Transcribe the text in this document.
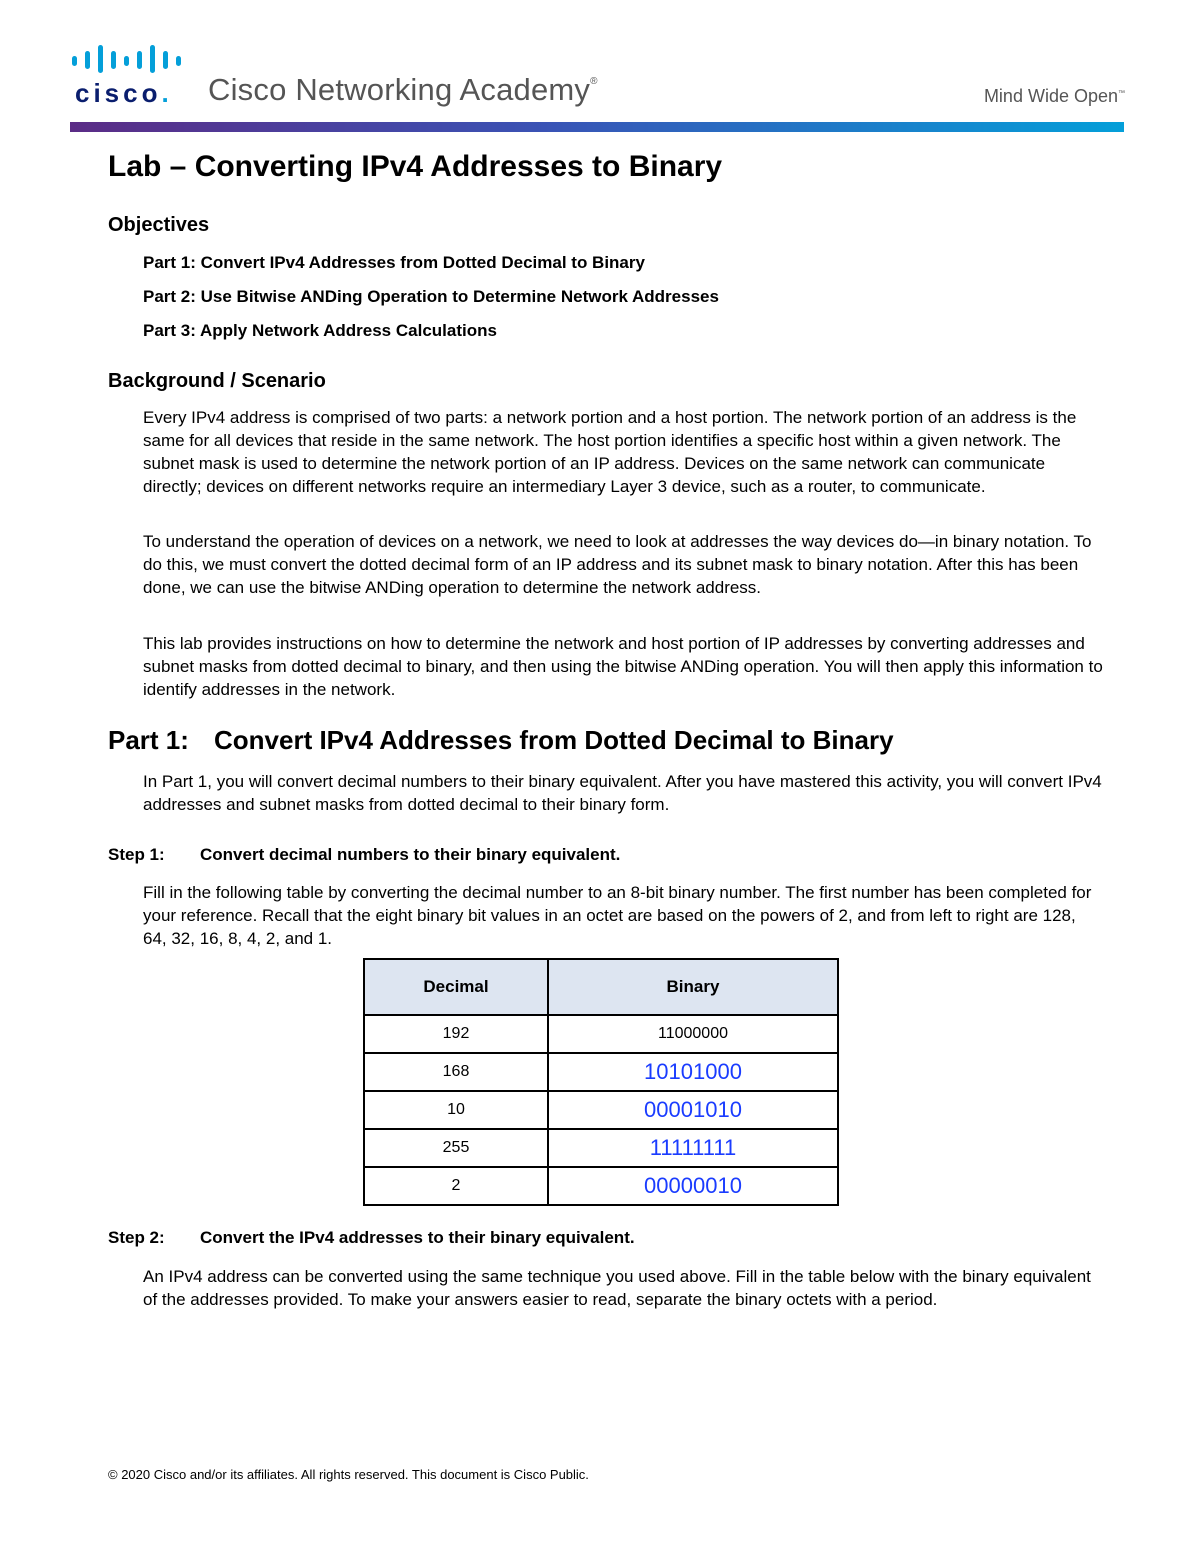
cisco. Cisco Networking Academy®
Mind Wide Open™
Lab – Converting IPv4 Addresses to Binary
Objectives

Part 1: Convert IPv4 Addresses from Dotted Decimal to Binary

Part 2: Use Bitwise ANDing Operation to Determine Network Addresses

Part 3: Apply Network Address Calculations

Background / Scenario

Every IPv4 address is comprised of two parts: a network portion and a host portion. The network portion of an address is the same for all devices that reside in the same network. The host portion identifies a specific host within a given network. The subnet mask is used to determine the network portion of an IP address. Devices on the same network can communicate directly; devices on different networks require an intermediary Layer 3 device, such as a router, to communicate.

To understand the operation of devices on a network, we need to look at addresses the way devices do—in binary notation. To do this, we must convert the dotted decimal form of an IP address and its subnet mask to binary notation. After this has been done, we can use the bitwise ANDing operation to determine the network address.

This lab provides instructions on how to determine the network and host portion of IP addresses by converting addresses and subnet masks from dotted decimal to binary, and then using the bitwise ANDing operation. You will then apply this information to identify addresses in the network.

Part 1: Convert IPv4 Addresses from Dotted Decimal to Binary

In Part 1, you will convert decimal numbers to their binary equivalent. After you have mastered this activity, you will convert IPv4 addresses and subnet masks from dotted decimal to their binary form.

Step 1: Convert decimal numbers to their binary equivalent.

Fill in the following table by converting the decimal number to an 8-bit binary number. The first number has been completed for your reference. Recall that the eight binary bit values in an octet are based on the powers of 2, and from left to right are 128, 64, 32, 16, 8, 4, 2, and 1.

Decimal	Binary
192	11000000
168	10101000
10	00001010
255	11111111
2	00000010
Step 2: Convert the IPv4 addresses to their binary equivalent.

An IPv4 address can be converted using the same technique you used above. Fill in the table below with the binary equivalent of the addresses provided. To make your answers easier to read, separate the binary octets with a period.

© 2020 Cisco and/or its affiliates. All rights reserved. This document is Cisco Public.
